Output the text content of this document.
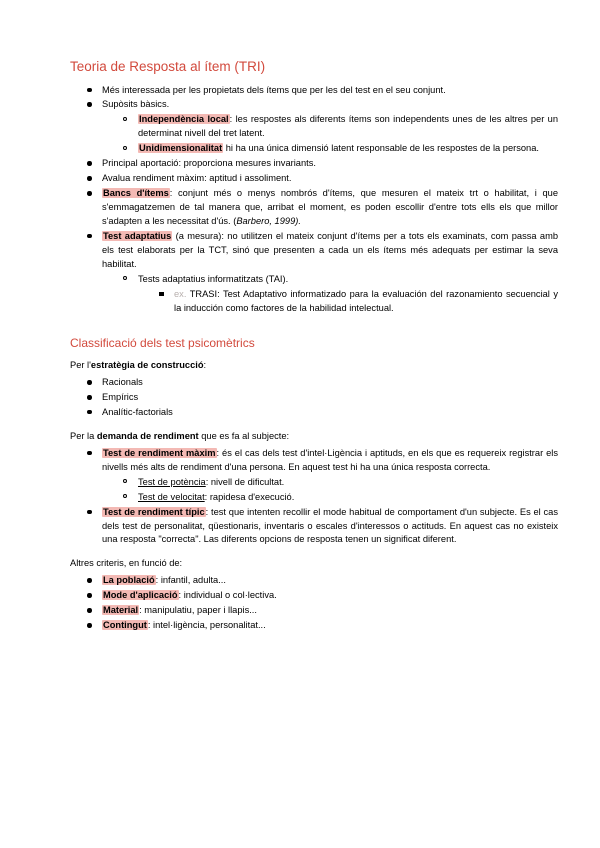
Teoria de Resposta al ítem (TRI)
Més interessada per les propietats dels ítems que per les del test en el seu conjunt.
Supòsits bàsics.
Independència local: les respostes als diferents ítems son independents unes de les altres per un determinat nivell del tret latent.
Unidimensionalitat hi ha una única dimensió latent responsable de les respostes de la persona.
Principal aportació: proporciona mesures invariants.
Avalua rendiment màxim: aptitud i assoliment.
Bancs d'ítems: conjunt més o menys nombrós d'ítems, que mesuren el mateix trt o habilitat, i que s'emmagatzemen de tal manera que, arribat el moment, es poden escollir d'entre tots ells els que millor s'adapten a les necessitat d'ús. (Barbero, 1999).
Test adaptatius (a mesura): no utilitzen el mateix conjunt d'ítems per a tots els examinats, com passa amb els test elaborats per la TCT, sinó que presenten a cada un els ítems més adequats per estimar la seva habilitat.
Tests adaptatius informatitzats (TAI).
ex. TRASI: Test Adaptativo informatizado para la evaluación del razonamiento secuencial y la inducción como factores de la habilidad intelectual.
Classificació dels test psicomètrics

Per l'estratègia de construcció:

Racionals
Empírics
Analític-factorials

Per la demanda de rendiment que es fa al subjecte:

Test de rendiment màxim: és el cas dels test d'intel·Ligència i aptituds, en els que es requereix registrar els nivells més alts de rendiment d'una persona. En aquest test hi ha una única resposta correcta.
Test de potència: nivell de dificultat.
Test de velocitat: rapidesa d'execució.
Test de rendiment típic: test que intenten recollir el mode habitual de comportament d'un subjecte. Es el cas dels test de personalitat, qüestionaris, inventaris o escales d'interessos o actituds. En aquest cas no existeix una resposta "correcta". Las diferents opcions de resposta tenen un significat diferent.

Altres criteris, en funció de:

La població: infantil, adulta...
Mode d'aplicació: individual o col·lectiva.
Material: manipulatiu, paper i llapis...
Contingut: intel·ligència, personalitat...
